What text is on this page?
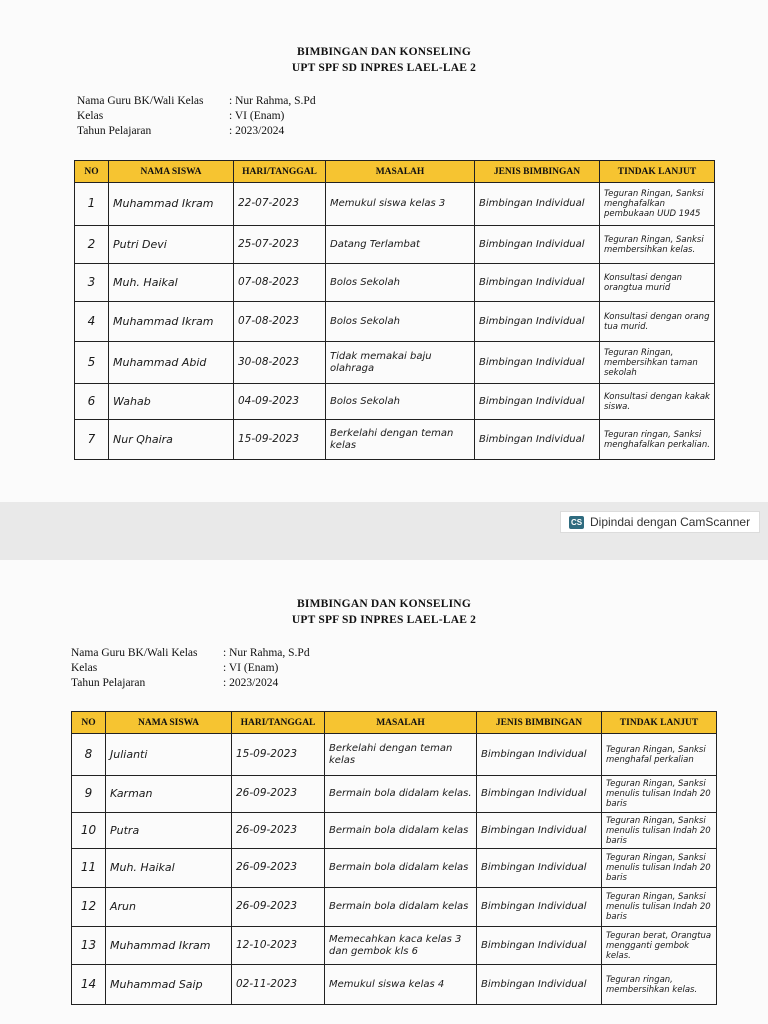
BIMBINGAN DAN KONSELING
UPT SPF SD INPRES LAEL-LAE 2
Nama Guru BK/Wali Kelas	: Nur Rahma, S.Pd
Kelas	: VI (Enam)
Tahun Pelajaran	: 2023/2024
NO	NAMA SISWA	HARI/TANGGAL	MASALAH	JENIS BIMBINGAN	TINDAK LANJUT
1	Muhammad Ikram	22-07-2023	Memukul siswa kelas 3	Bimbingan Individual	Teguran Ringan, Sanksi menghafalkan pembukaan UUD 1945
2	Putri Devi	25-07-2023	Datang Terlambat	Bimbingan Individual	Teguran Ringan, Sanksi membersihkan kelas.
3	Muh. Haikal	07-08-2023	Bolos Sekolah	Bimbingan Individual	Konsultasi dengan orangtua murid
4	Muhammad Ikram	07-08-2023	Bolos Sekolah	Bimbingan Individual	Konsultasi dengan orang tua murid.
5	Muhammad Abid	30-08-2023	Tidak memakai baju olahraga	Bimbingan Individual	Teguran Ringan, membersihkan taman sekolah
6	Wahab	04-09-2023	Bolos Sekolah	Bimbingan Individual	Konsultasi dengan kakak siswa.
7	Nur Qhaira	15-09-2023	Berkelahi dengan teman kelas	Bimbingan Individual	Teguran ringan, Sanksi menghafalkan perkalian.
CS Dipindai dengan CamScanner
BIMBINGAN DAN KONSELING
UPT SPF SD INPRES LAEL-LAE 2
Nama Guru BK/Wali Kelas	: Nur Rahma, S.Pd
Kelas	: VI (Enam)
Tahun Pelajaran	: 2023/2024
NO	NAMA SISWA	HARI/TANGGAL	MASALAH	JENIS BIMBINGAN	TINDAK LANJUT
8	Julianti	15-09-2023	Berkelahi dengan teman kelas	Bimbingan Individual	Teguran Ringan, Sanksi menghafal perkalian
9	Karman	26-09-2023	Bermain bola didalam kelas.	Bimbingan Individual	Teguran Ringan, Sanksi menulis tulisan Indah 20 baris
10	Putra	26-09-2023	Bermain bola didalam kelas	Bimbingan Individual	Teguran Ringan, Sanksi menulis tulisan Indah 20 baris
11	Muh. Haikal	26-09-2023	Bermain bola didalam kelas	Bimbingan Individual	Teguran Ringan, Sanksi menulis tulisan Indah 20 baris
12	Arun	26-09-2023	Bermain bola didalam kelas	Bimbingan Individual	Teguran Ringan, Sanksi menulis tulisan Indah 20 baris
13	Muhammad Ikram	12-10-2023	Memecahkan kaca kelas 3 dan gembok kls 6	Bimbingan Individual	Teguran berat, Orangtua mengganti gembok kelas.
14	Muhammad Saip	02-11-2023	Memukul siswa kelas 4	Bimbingan Individual	Teguran ringan, membersihkan kelas.
